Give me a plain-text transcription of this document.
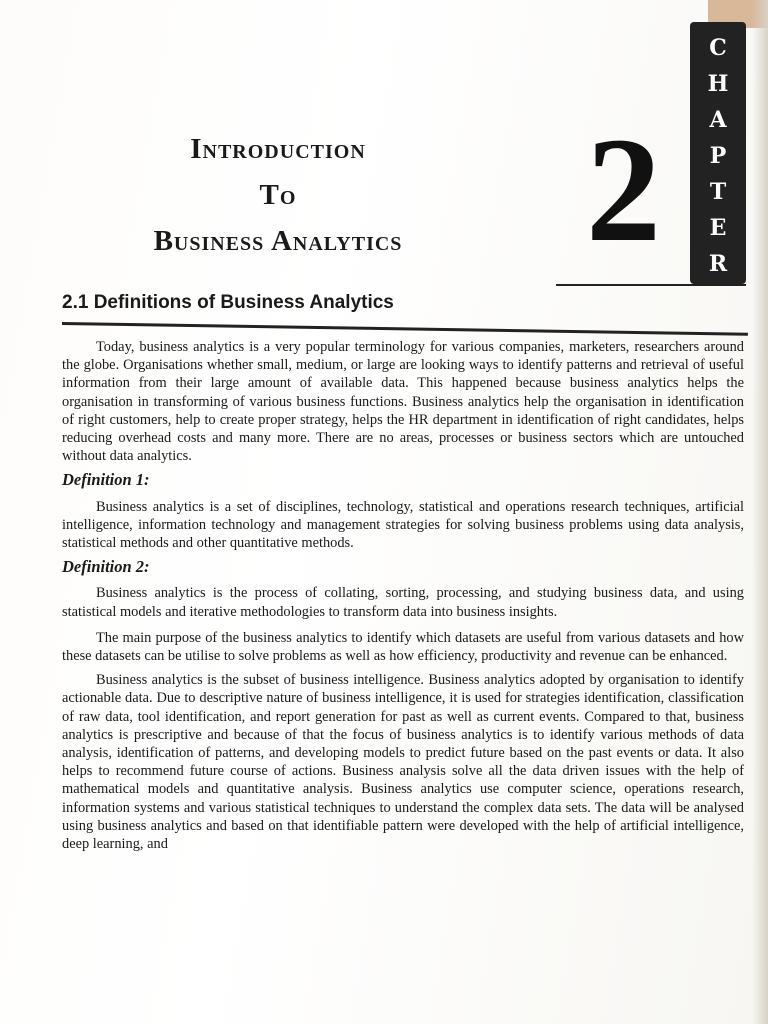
Introduction
To
Business Analytics	2
C
H
A
P
T
E
R
2.1 Definitions of Business Analytics

Today, business analytics is a very popular terminology for various companies, marketers, researchers around the globe. Organisations whether small, medium, or large are looking ways to identify patterns and retrieval of useful information from their large amount of available data. This happened because business analytics helps the organisation in transforming of various business functions. Business analytics help the organisation in identification of right customers, help to create proper strategy, helps the HR department in identification of right candidates, helps reducing overhead costs and many more. There are no areas, processes or business sectors which are untouched without data analytics.

Definition 1:

Business analytics is a set of disciplines, technology, statistical and operations research techniques, artificial intelligence, information technology and management strategies for solving business problems using data analysis, statistical methods and other quantitative methods.

Definition 2:

Business analytics is the process of collating, sorting, processing, and studying business data, and using statistical models and iterative methodologies to transform data into business insights.

The main purpose of the business analytics to identify which datasets are useful from various datasets and how these datasets can be utilise to solve problems as well as how efficiency, productivity and revenue can be enhanced.

Business analytics is the subset of business intelligence. Business analytics adopted by organisation to identify actionable data. Due to descriptive nature of business intelligence, it is used for strategies identification, classification of raw data, tool identification, and report generation for past as well as current events. Compared to that, business analytics is prescriptive and because of that the focus of business analytics is to identify various methods of data analysis, identification of patterns, and developing models to predict future based on the past events or data. It also helps to recommend future course of actions. Business analysis solve all the data driven issues with the help of mathematical models and quantitative analysis. Business analytics use computer science, operations research, information systems and various statistical techniques to understand the complex data sets. The data will be analysed using business analytics and based on that identifiable pattern were developed with the help of artificial intelligence, deep learning, and
